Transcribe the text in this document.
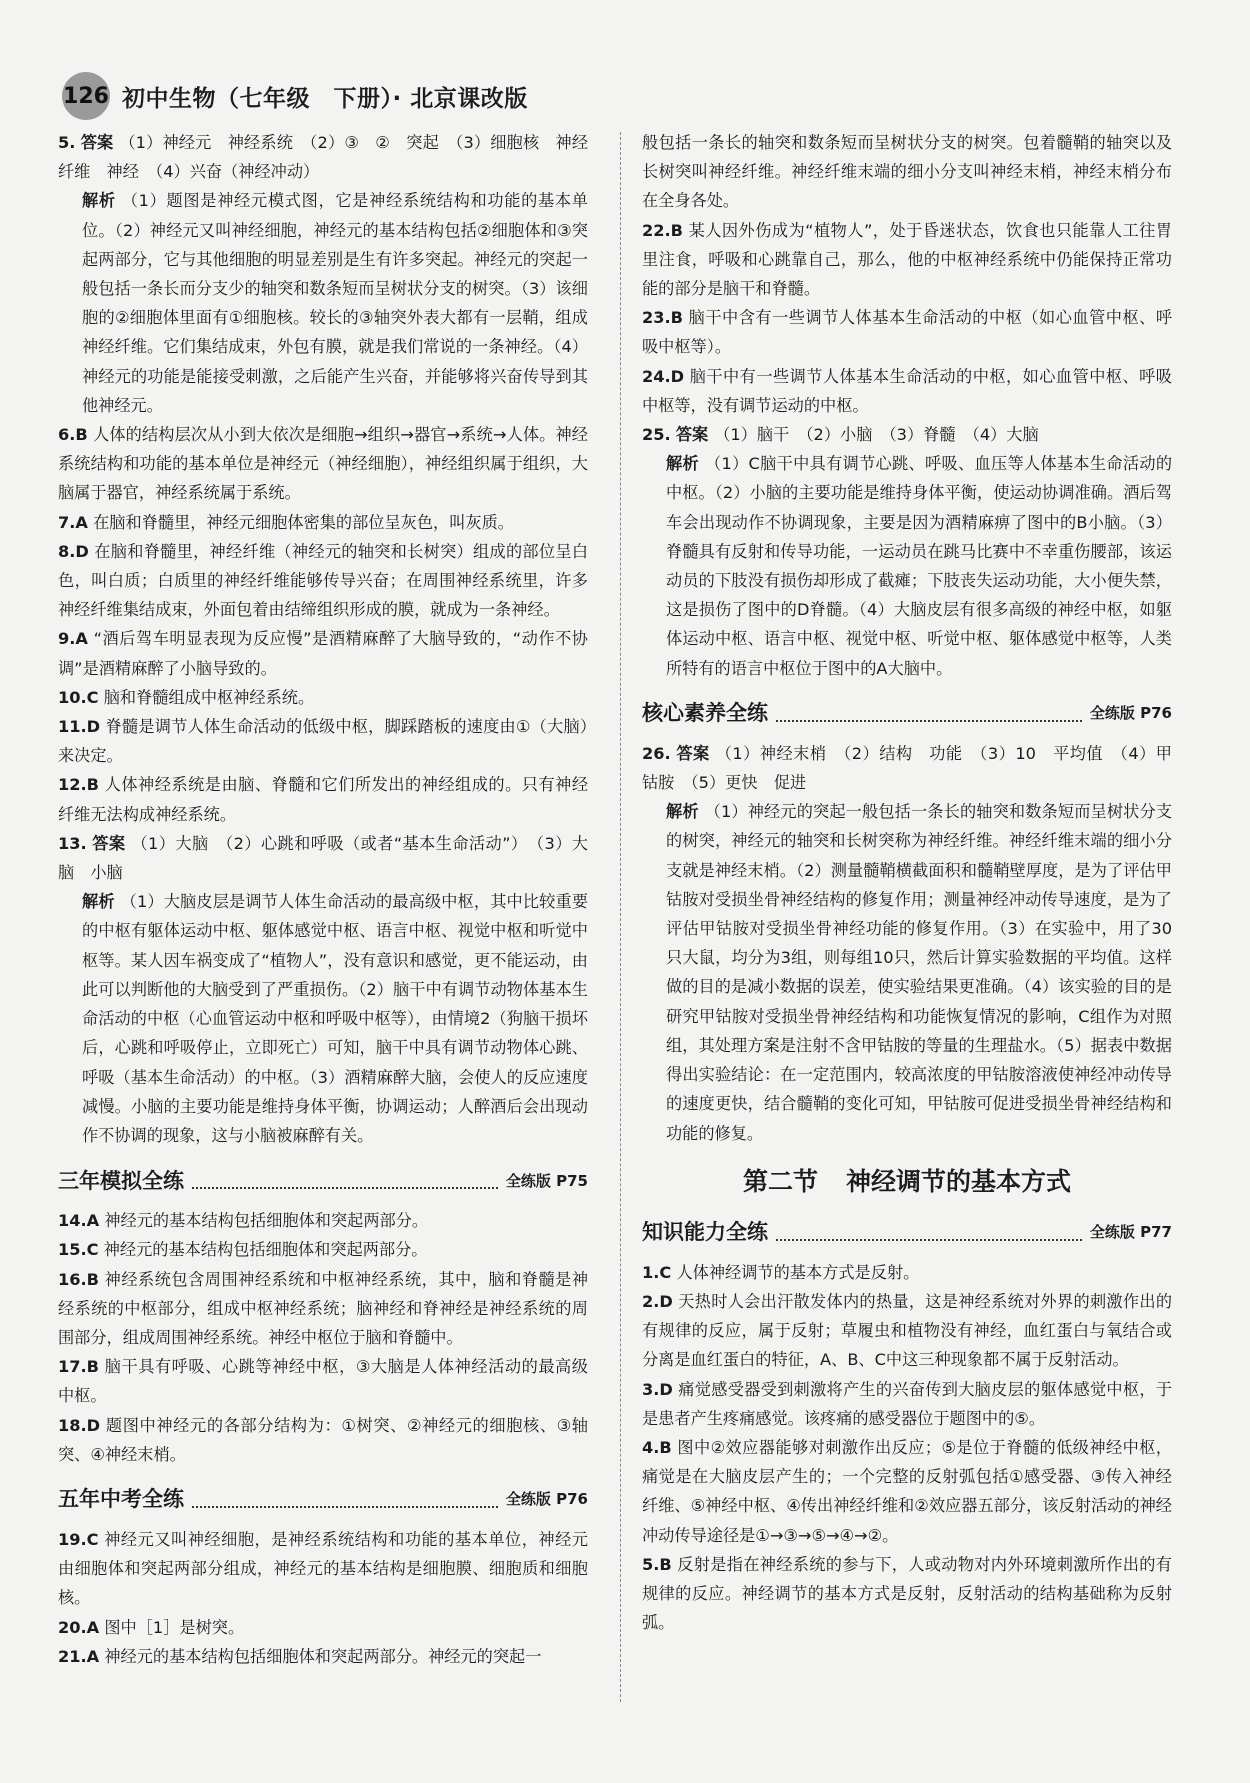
126 初中生物（七年级　下册）· 北京课改版

5. 答案 （1）神经元　神经系统　（2）③　②　突起　（3）细胞核　神经纤维　神经　（4）兴奋（神经冲动）

解析 （1）题图是神经元模式图，它是神经系统结构和功能的基本单位。（2）神经元又叫神经细胞，神经元的基本结构包括②细胞体和③突起两部分，它与其他细胞的明显差别是生有许多突起。神经元的突起一般包括一条长而分支少的轴突和数条短而呈树状分支的树突。（3）该细胞的②细胞体里面有①细胞核。较长的③轴突外表大都有一层鞘，组成神经纤维。它们集结成束，外包有膜，就是我们常说的一条神经。（4）神经元的功能是能接受刺激，之后能产生兴奋，并能够将兴奋传导到其他神经元。

6.B 人体的结构层次从小到大依次是细胞→组织→器官→系统→人体。神经系统结构和功能的基本单位是神经元（神经细胞），神经组织属于组织，大脑属于器官，神经系统属于系统。

7.A 在脑和脊髓里，神经元细胞体密集的部位呈灰色，叫灰质。

8.D 在脑和脊髓里，神经纤维（神经元的轴突和长树突）组成的部位呈白色，叫白质；白质里的神经纤维能够传导兴奋；在周围神经系统里，许多神经纤维集结成束，外面包着由结缔组织形成的膜，就成为一条神经。

9.A “酒后驾车明显表现为反应慢”是酒精麻醉了大脑导致的，“动作不协调”是酒精麻醉了小脑导致的。

10.C 脑和脊髓组成中枢神经系统。

11.D 脊髓是调节人体生命活动的低级中枢，脚踩踏板的速度由①（大脑）来决定。

12.B 人体神经系统是由脑、脊髓和它们所发出的神经组成的。只有神经纤维无法构成神经系统。

13. 答案 （1）大脑　（2）心跳和呼吸（或者“基本生命活动”）　（3）大脑　小脑

解析 （1）大脑皮层是调节人体生命活动的最高级中枢，其中比较重要的中枢有躯体运动中枢、躯体感觉中枢、语言中枢、视觉中枢和听觉中枢等。某人因车祸变成了“植物人”，没有意识和感觉，更不能运动，由此可以判断他的大脑受到了严重损伤。（2）脑干中有调节动物体基本生命活动的中枢（心血管运动中枢和呼吸中枢等），由情境2（狗脑干损坏后，心跳和呼吸停止，立即死亡）可知，脑干中具有调节动物体心跳、呼吸（基本生命活动）的中枢。（3）酒精麻醉大脑，会使人的反应速度减慢。小脑的主要功能是维持身体平衡，协调运动；人醉酒后会出现动作不协调的现象，这与小脑被麻醉有关。

三年模拟全练	全练版 P75

14.A 神经元的基本结构包括细胞体和突起两部分。

15.C 神经元的基本结构包括细胞体和突起两部分。

16.B 神经系统包含周围神经系统和中枢神经系统，其中，脑和脊髓是神经系统的中枢部分，组成中枢神经系统；脑神经和脊神经是神经系统的周围部分，组成周围神经系统。神经中枢位于脑和脊髓中。

17.B 脑干具有呼吸、心跳等神经中枢，③大脑是人体神经活动的最高级中枢。

18.D 题图中神经元的各部分结构为：①树突、②神经元的细胞核、③轴突、④神经末梢。

五年中考全练	全练版 P76

19.C 神经元又叫神经细胞，是神经系统结构和功能的基本单位，神经元由细胞体和突起两部分组成，神经元的基本结构是细胞膜、细胞质和细胞核。

20.A 图中［1］是树突。

21.A 神经元的基本结构包括细胞体和突起两部分。神经元的突起一

般包括一条长的轴突和数条短而呈树状分支的树突。包着髓鞘的轴突以及长树突叫神经纤维。神经纤维末端的细小分支叫神经末梢，神经末梢分布在全身各处。

22.B 某人因外伤成为“植物人”，处于昏迷状态，饮食也只能靠人工往胃里注食，呼吸和心跳靠自己，那么，他的中枢神经系统中仍能保持正常功能的部分是脑干和脊髓。

23.B 脑干中含有一些调节人体基本生命活动的中枢（如心血管中枢、呼吸中枢等）。

24.D 脑干中有一些调节人体基本生命活动的中枢，如心血管中枢、呼吸中枢等，没有调节运动的中枢。

25. 答案 （1）脑干　（2）小脑　（3）脊髓　（4）大脑

解析 （1）C脑干中具有调节心跳、呼吸、血压等人体基本生命活动的中枢。（2）小脑的主要功能是维持身体平衡，使运动协调准确。酒后驾车会出现动作不协调现象，主要是因为酒精麻痹了图中的B小脑。（3）脊髓具有反射和传导功能，一运动员在跳马比赛中不幸重伤腰部，该运动员的下肢没有损伤却形成了截瘫；下肢丧失运动功能，大小便失禁，这是损伤了图中的D脊髓。（4）大脑皮层有很多高级的神经中枢，如躯体运动中枢、语言中枢、视觉中枢、听觉中枢、躯体感觉中枢等，人类所特有的语言中枢位于图中的A大脑中。

核心素养全练	全练版 P76

26. 答案 （1）神经末梢　（2）结构　功能　（3）10　平均值　（4）甲钴胺　（5）更快　促进

解析 （1）神经元的突起一般包括一条长的轴突和数条短而呈树状分支的树突，神经元的轴突和长树突称为神经纤维。神经纤维末端的细小分支就是神经末梢。（2）测量髓鞘横截面积和髓鞘壁厚度，是为了评估甲钴胺对受损坐骨神经结构的修复作用；测量神经冲动传导速度，是为了评估甲钴胺对受损坐骨神经功能的修复作用。（3）在实验中，用了30只大鼠，均分为3组，则每组10只，然后计算实验数据的平均值。这样做的目的是减小数据的误差，使实验结果更准确。（4）该实验的目的是研究甲钴胺对受损坐骨神经结构和功能恢复情况的影响，C组作为对照组，其处理方案是注射不含甲钴胺的等量的生理盐水。（5）据表中数据得出实验结论：在一定范围内，较高浓度的甲钴胺溶液使神经冲动传导的速度更快，结合髓鞘的变化可知，甲钴胺可促进受损坐骨神经结构和功能的修复。

第二节 神经调节的基本方式
知识能力全练	全练版 P77

1.C 人体神经调节的基本方式是反射。

2.D 天热时人会出汗散发体内的热量，这是神经系统对外界的刺激作出的有规律的反应，属于反射；草履虫和植物没有神经，血红蛋白与氧结合或分离是血红蛋白的特征，A、B、C中这三种现象都不属于反射活动。

3.D 痛觉感受器受到刺激将产生的兴奋传到大脑皮层的躯体感觉中枢，于是患者产生疼痛感觉。该疼痛的感受器位于题图中的⑤。

4.B 图中②效应器能够对刺激作出反应；⑤是位于脊髓的低级神经中枢，痛觉是在大脑皮层产生的；一个完整的反射弧包括①感受器、③传入神经纤维、⑤神经中枢、④传出神经纤维和②效应器五部分，该反射活动的神经冲动传导途径是①→③→⑤→④→②。

5.B 反射是指在神经系统的参与下，人或动物对内外环境刺激所作出的有规律的反应。神经调节的基本方式是反射，反射活动的结构基础称为反射弧。
